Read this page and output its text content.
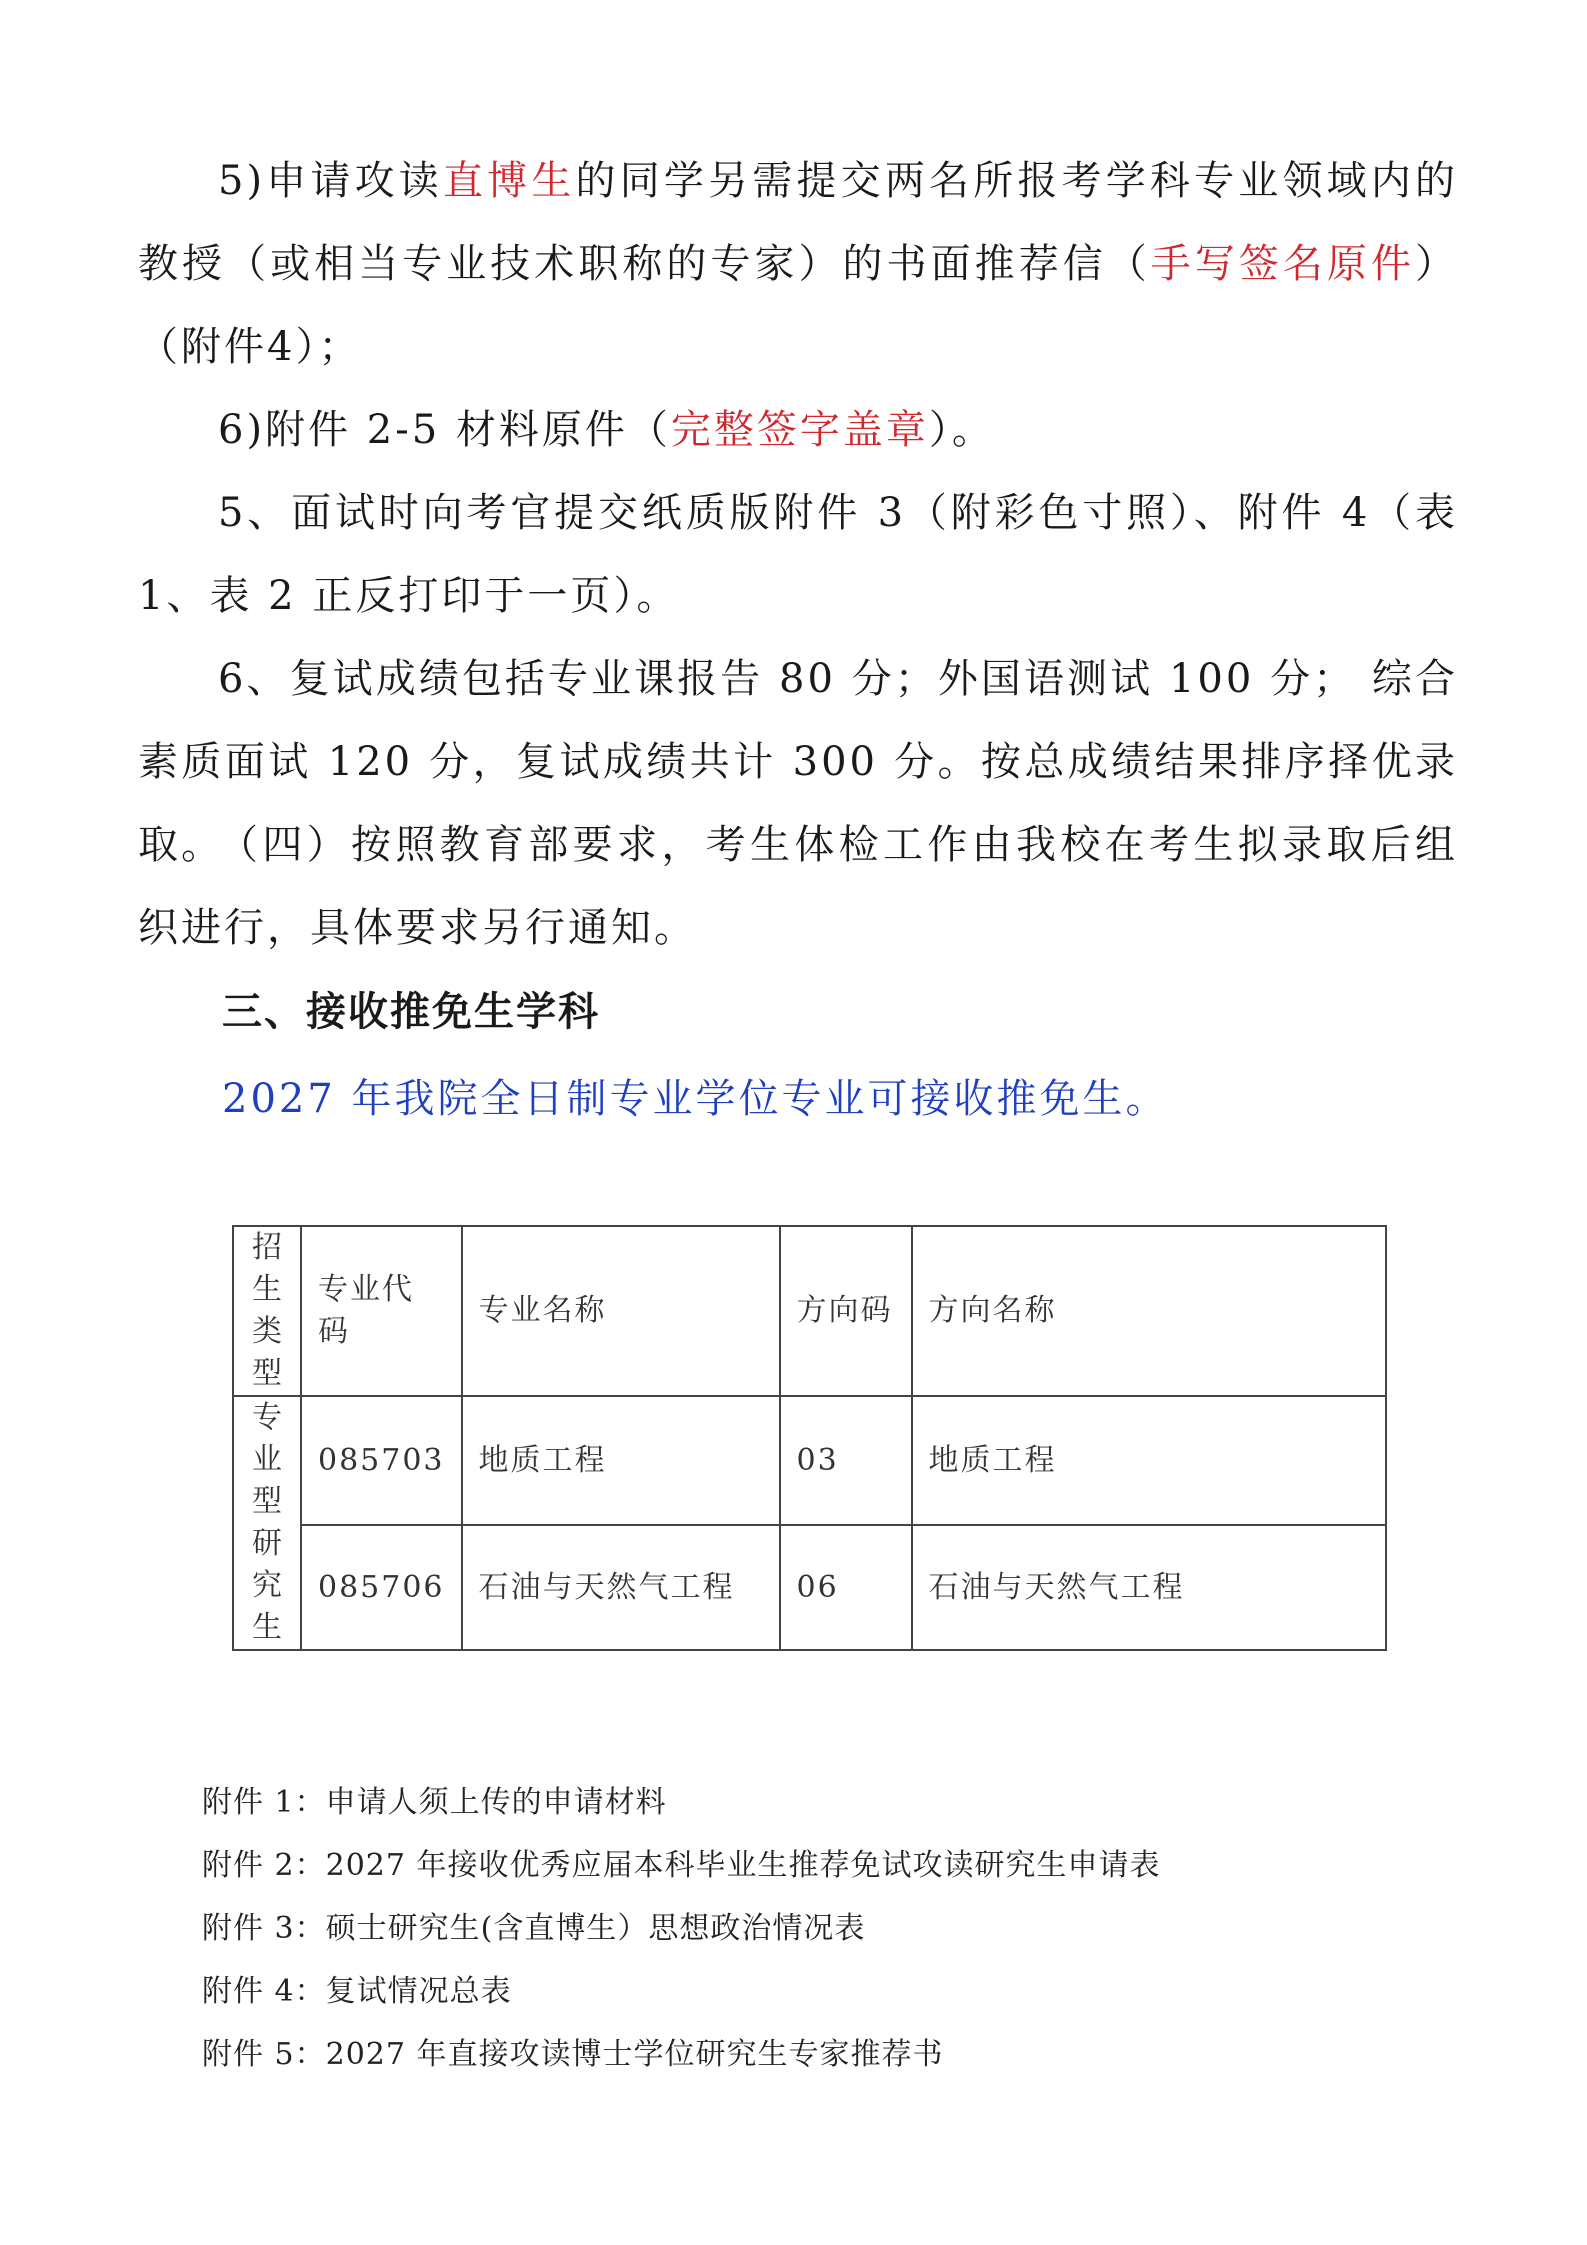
5)申请攻读直博生的同学另需提交两名所报考学科专业领域内的教授（或相当专业技术职称的专家）的书面推荐信（手写签名原件）（附件4）；

6)附件 2-5 材料原件（完整签字盖章）。

5、面试时向考官提交纸质版附件 3（附彩色寸照）、附件 4（表 1、表 2 正反打印于一页）。

6、复试成绩包括专业课报告 80 分；外国语测试 100 分； 综合素质面试 120 分，复试成绩共计 300 分。按总成绩结果排序择优录取。

（四）按照教育部要求，考生体检工作由我校在考生拟录取后组织进行，具体要求另行通知。

三、接收推免生学科

2027 年我院全日制专业学位专业可接收推免生。

招生类型	专业代码	专业名称	方向码	方向名称

专业型研究生	085703	地质工程	03	地质工程
	085706	石油与天然气工程	06	石油与天然气工程

附件 1：申请人须上传的申请材料

附件 2：2027 年接收优秀应届本科毕业生推荐免试攻读研究生申请表

附件 3：硕士研究生(含直博生）思想政治情况表

附件 4：复试情况总表

附件 5：2027 年直接攻读博士学位研究生专家推荐书
